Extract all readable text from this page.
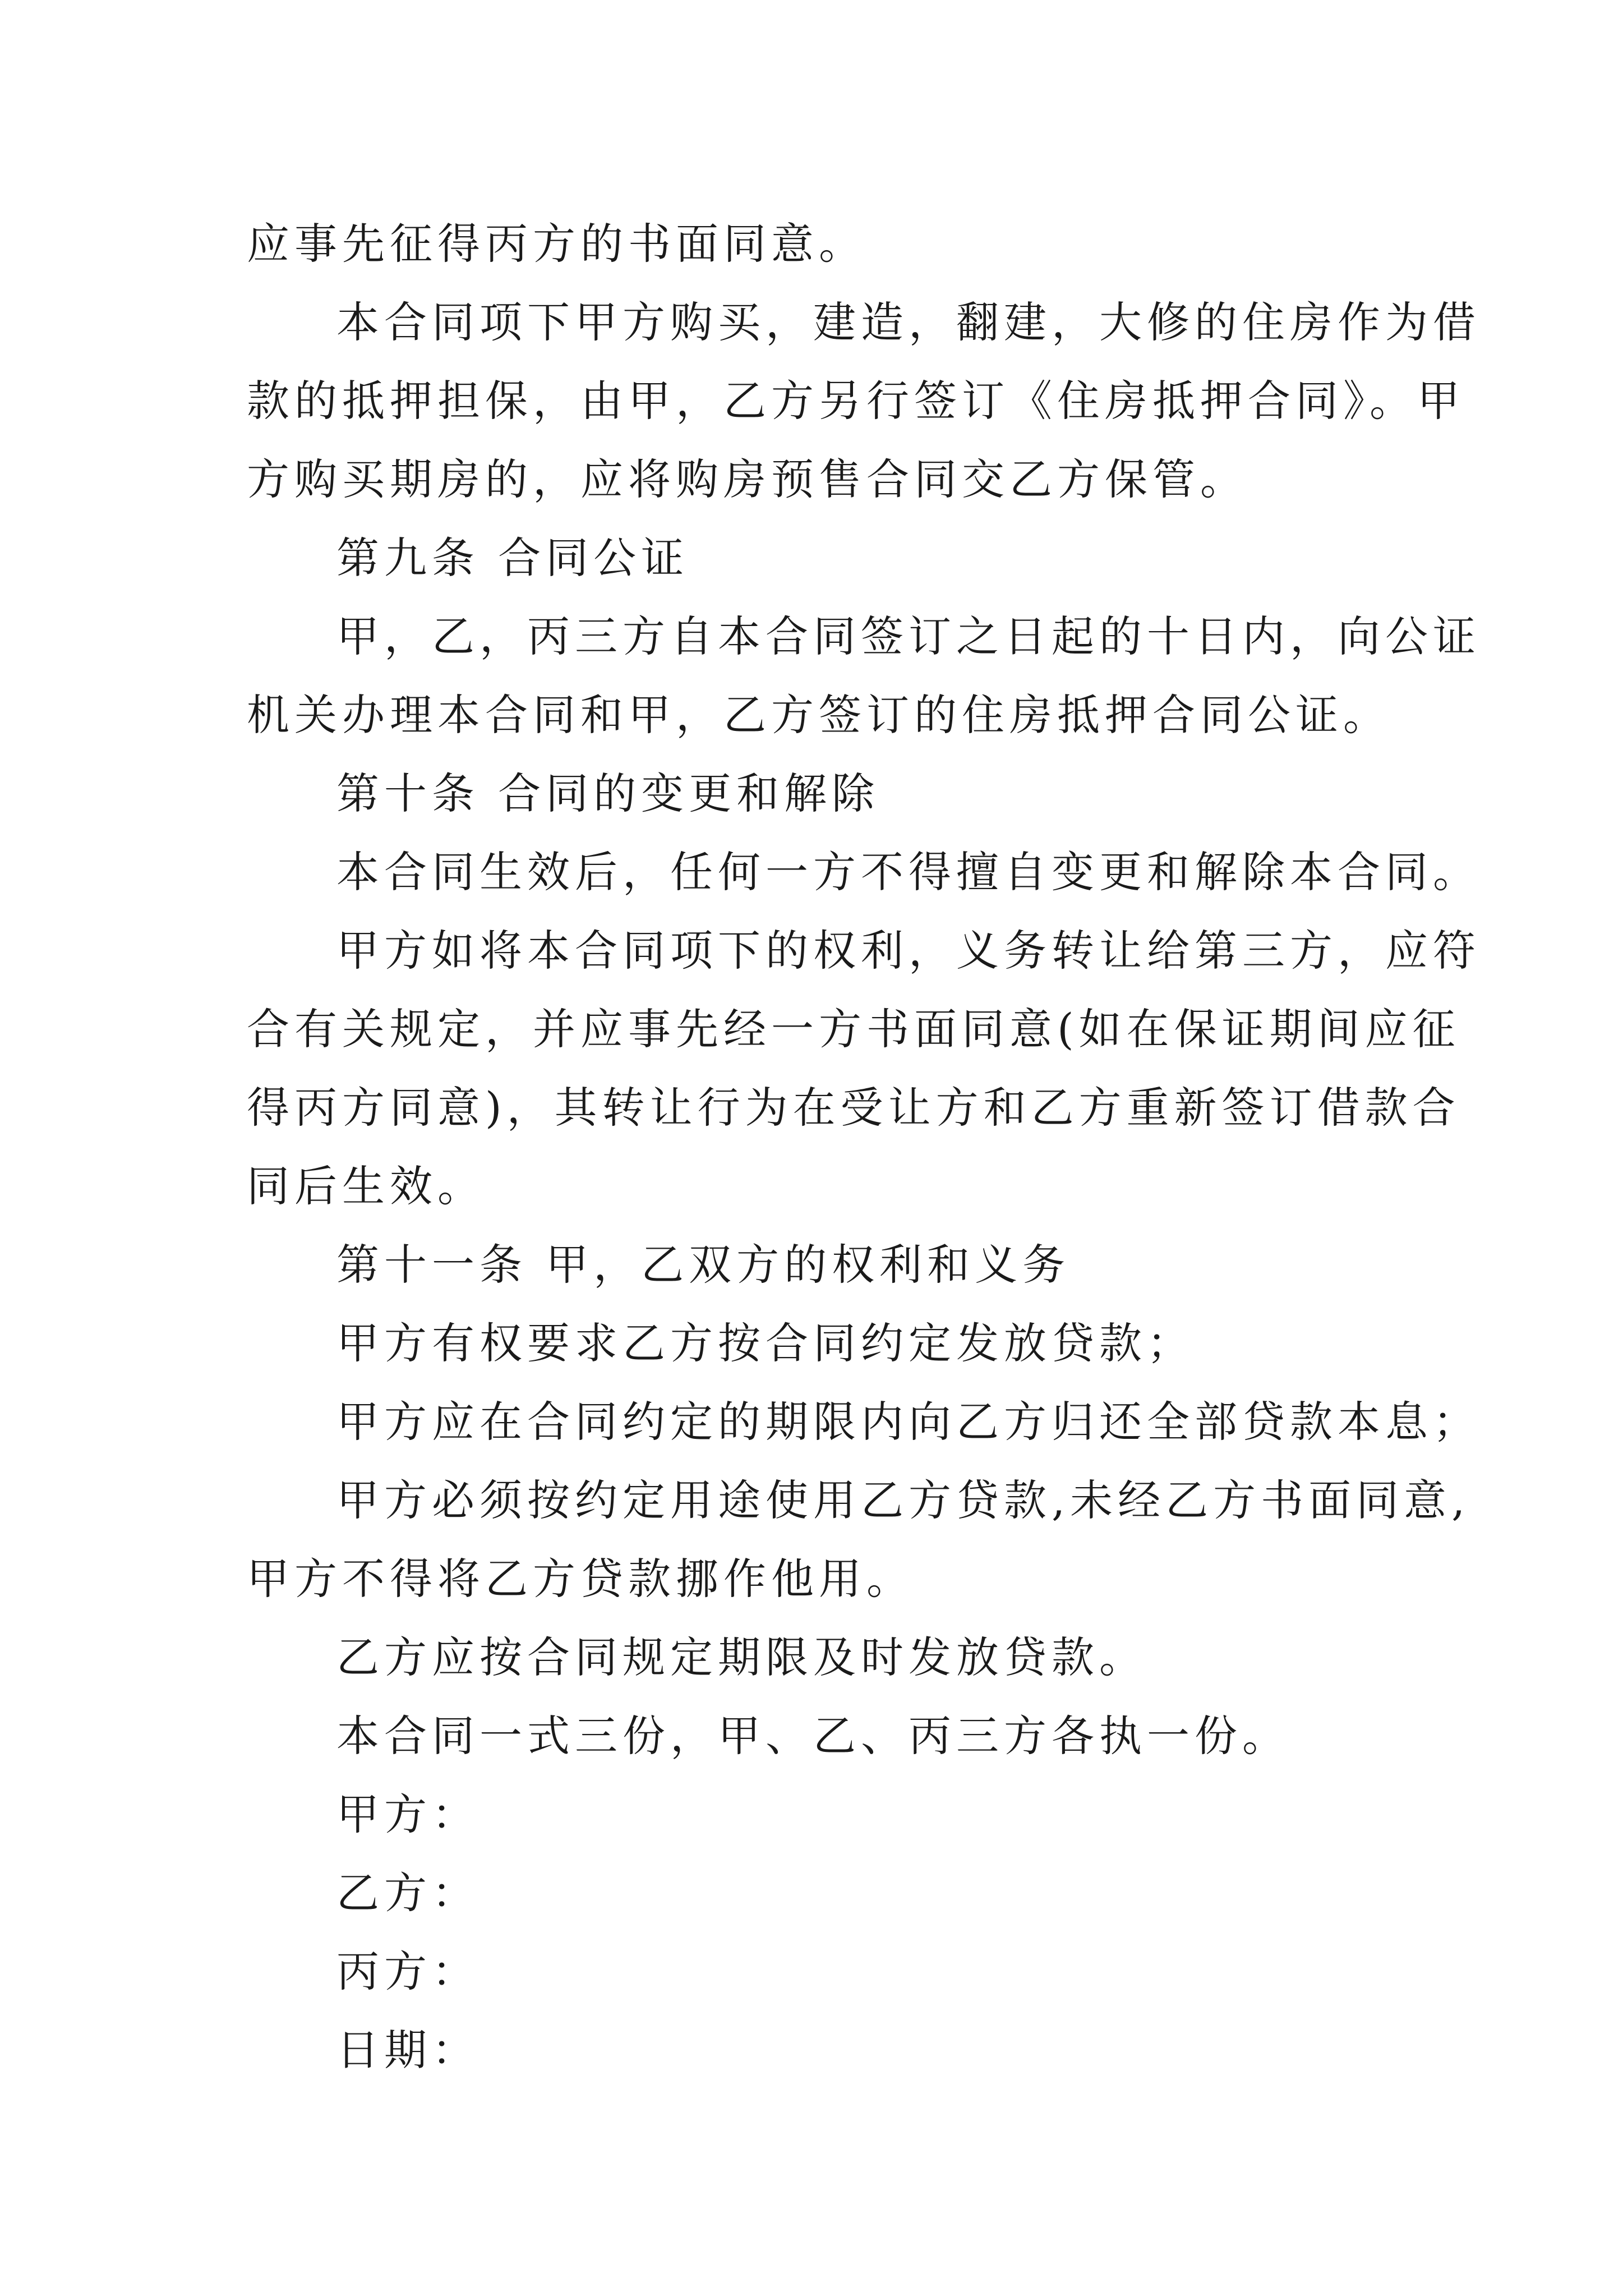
应事先征得丙方的书面同意。
本合同项下甲方购买，建造，翻建，大修的住房作为借
款的抵押担保，由甲，乙方另行签订《住房抵押合同》。甲
方购买期房的，应将购房预售合同交乙方保管。
第九条 合同公证
甲，乙，丙三方自本合同签订之日起的十日内，向公证
机关办理本合同和甲，乙方签订的住房抵押合同公证。
第十条 合同的变更和解除
本合同生效后，任何一方不得擅自变更和解除本合同。
甲方如将本合同项下的权利，义务转让给第三方，应符
合有关规定，并应事先经一方书面同意(如在保证期间应征
得丙方同意)，其转让行为在受让方和乙方重新签订借款合
同后生效。
第十一条 甲，乙双方的权利和义务
甲方有权要求乙方按合同约定发放贷款；
甲方应在合同约定的期限内向乙方归还全部贷款本息；
甲方必须按约定用途使用乙方贷款,未经乙方书面同意,
甲方不得将乙方贷款挪作他用。
乙方应按合同规定期限及时发放贷款。
本合同一式三份，甲、乙、丙三方各执一份。
甲方：
乙方：
丙方：
日期：
